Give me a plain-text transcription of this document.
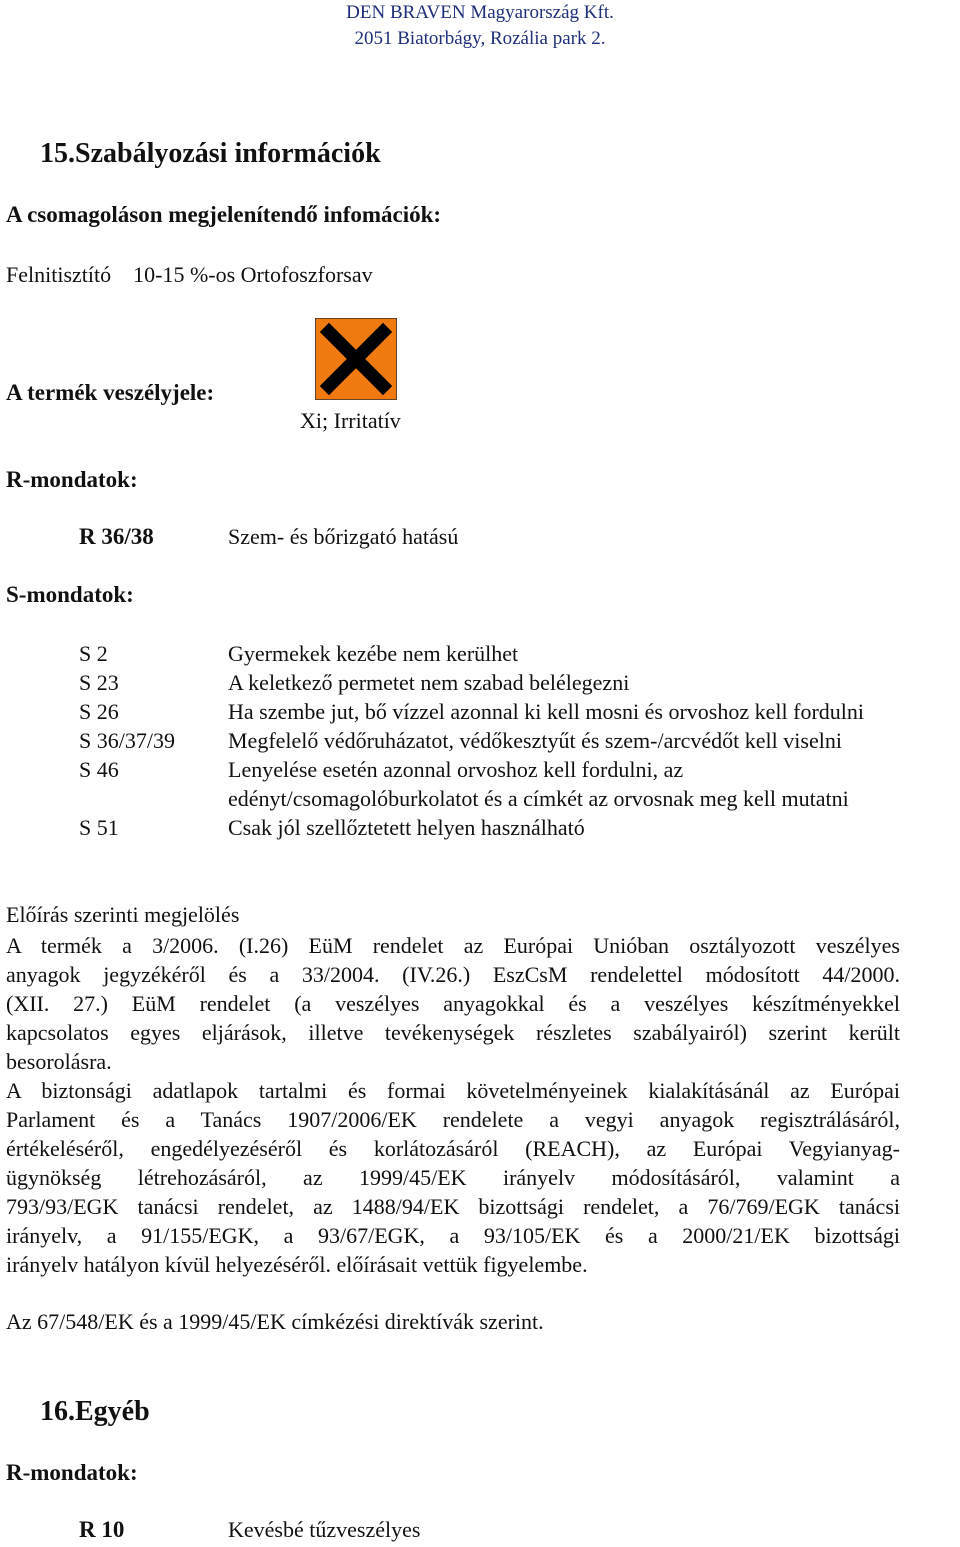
DEN BRAVEN Magyarország Kft.
2051 Biatorbágy, Rozália park 2.
15.Szabályozási információk
A csomagoláson megjelenítendő infomációk:
Felnitisztító    10-15 %-os Ortofoszforsav
A termék veszélyjele:
Xi; Irritatív
R-mondatok:
R 36/38	Szem- és bőrizgató hatású
S-mondatok:
S 2	Gyermekek kezébe nem kerülhet
S 23	A keletkező permetet nem szabad belélegezni
S 26	Ha szembe jut, bő vízzel azonnal ki kell mosni és orvoshoz kell fordulni
S 36/37/39 Megfelelő védőruházatot, védőkesztyűt és szem-/arcvédőt kell viselni
S 46	Lenyelése esetén azonnal orvoshoz kell fordulni, az
edényt/csomagolóburkolatot és a címkét az orvosnak meg kell mutatni
S 51	Csak jól szellőztetett helyen használható
Előírás szerinti megjelölés
A termék a 3/2006. (I.26) EüM rendelet az Európai Unióban osztályozott veszélyes
anyagok jegyzékéről és a 33/2004. (IV.26.) EszCsM rendelettel módosított 44/2000.
(XII. 27.) EüM rendelet (a veszélyes anyagokkal és a veszélyes készítményekkel
kapcsolatos egyes eljárások, illetve tevékenységek részletes szabályairól) szerint került
besorolásra.
A biztonsági adatlapok tartalmi és formai követelményeinek kialakításánál az Európai
Parlament és a Tanács 1907/2006/EK rendelete a vegyi anyagok regisztrálásáról,
értékeléséről, engedélyezéséről és korlátozásáról (REACH), az Európai Vegyianyag-
ügynökség létrehozásáról, az 1999/45/EK irányelv módosításáról, valamint a
793/93/EGK tanácsi rendelet, az 1488/94/EK bizottsági rendelet, a 76/769/EGK tanácsi
irányelv, a 91/155/EGK, a 93/67/EGK, a 93/105/EK és a 2000/21/EK bizottsági
irányelv hatályon kívül helyezéséről. előírásait vettük figyelembe.
Az 67/548/EK és a 1999/45/EK címkézési direktívák szerint.
16.Egyéb
R-mondatok:
R 10	Kevésbé tűzveszélyes
